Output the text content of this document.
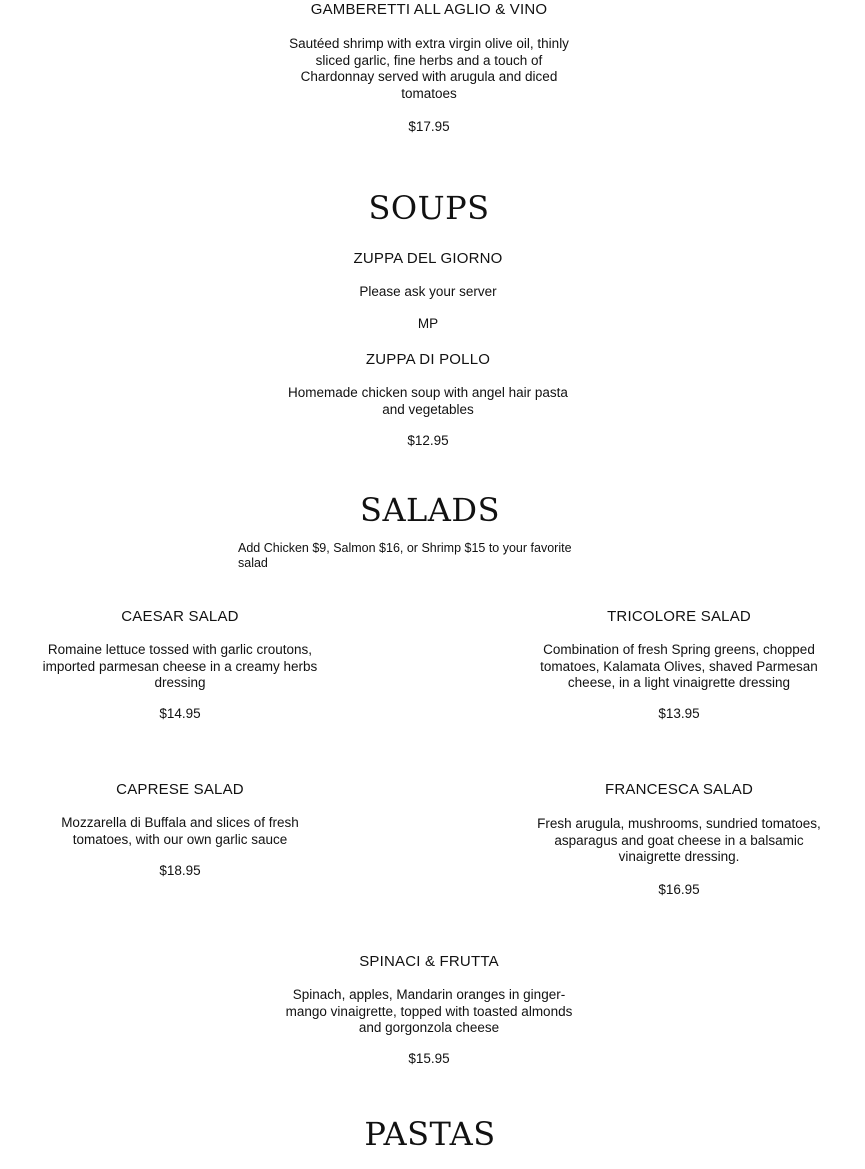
GAMBERETTI ALL AGLIO & VINO
Sautéed shrimp with extra virgin olive oil, thinly sliced garlic, fine herbs and a touch of Chardonnay served with arugula and diced tomatoes
$17.95
SOUPS
ZUPPA DEL GIORNO
Please ask your server
MP
ZUPPA DI POLLO
Homemade chicken soup with angel hair pasta and vegetables
$12.95
SALADS
Add Chicken $9, Salmon $16, or Shrimp $15 to your favorite salad
CAESAR SALAD
Romaine lettuce tossed with garlic croutons, imported parmesan cheese in a creamy herbs dressing
$14.95
TRICOLORE SALAD
Combination of fresh Spring greens, chopped tomatoes, Kalamata Olives, shaved Parmesan cheese, in a light vinaigrette dressing
$13.95
CAPRESE SALAD
Mozzarella di Buffala and slices of fresh tomatoes, with our own garlic sauce
$18.95
FRANCESCA SALAD
Fresh arugula, mushrooms, sundried tomatoes, asparagus and goat cheese in a balsamic vinaigrette dressing.
$16.95
SPINACI & FRUTTA
Spinach, apples, Mandarin oranges in ginger-mango vinaigrette, topped with toasted almonds and gorgonzola cheese
$15.95
PASTAS
